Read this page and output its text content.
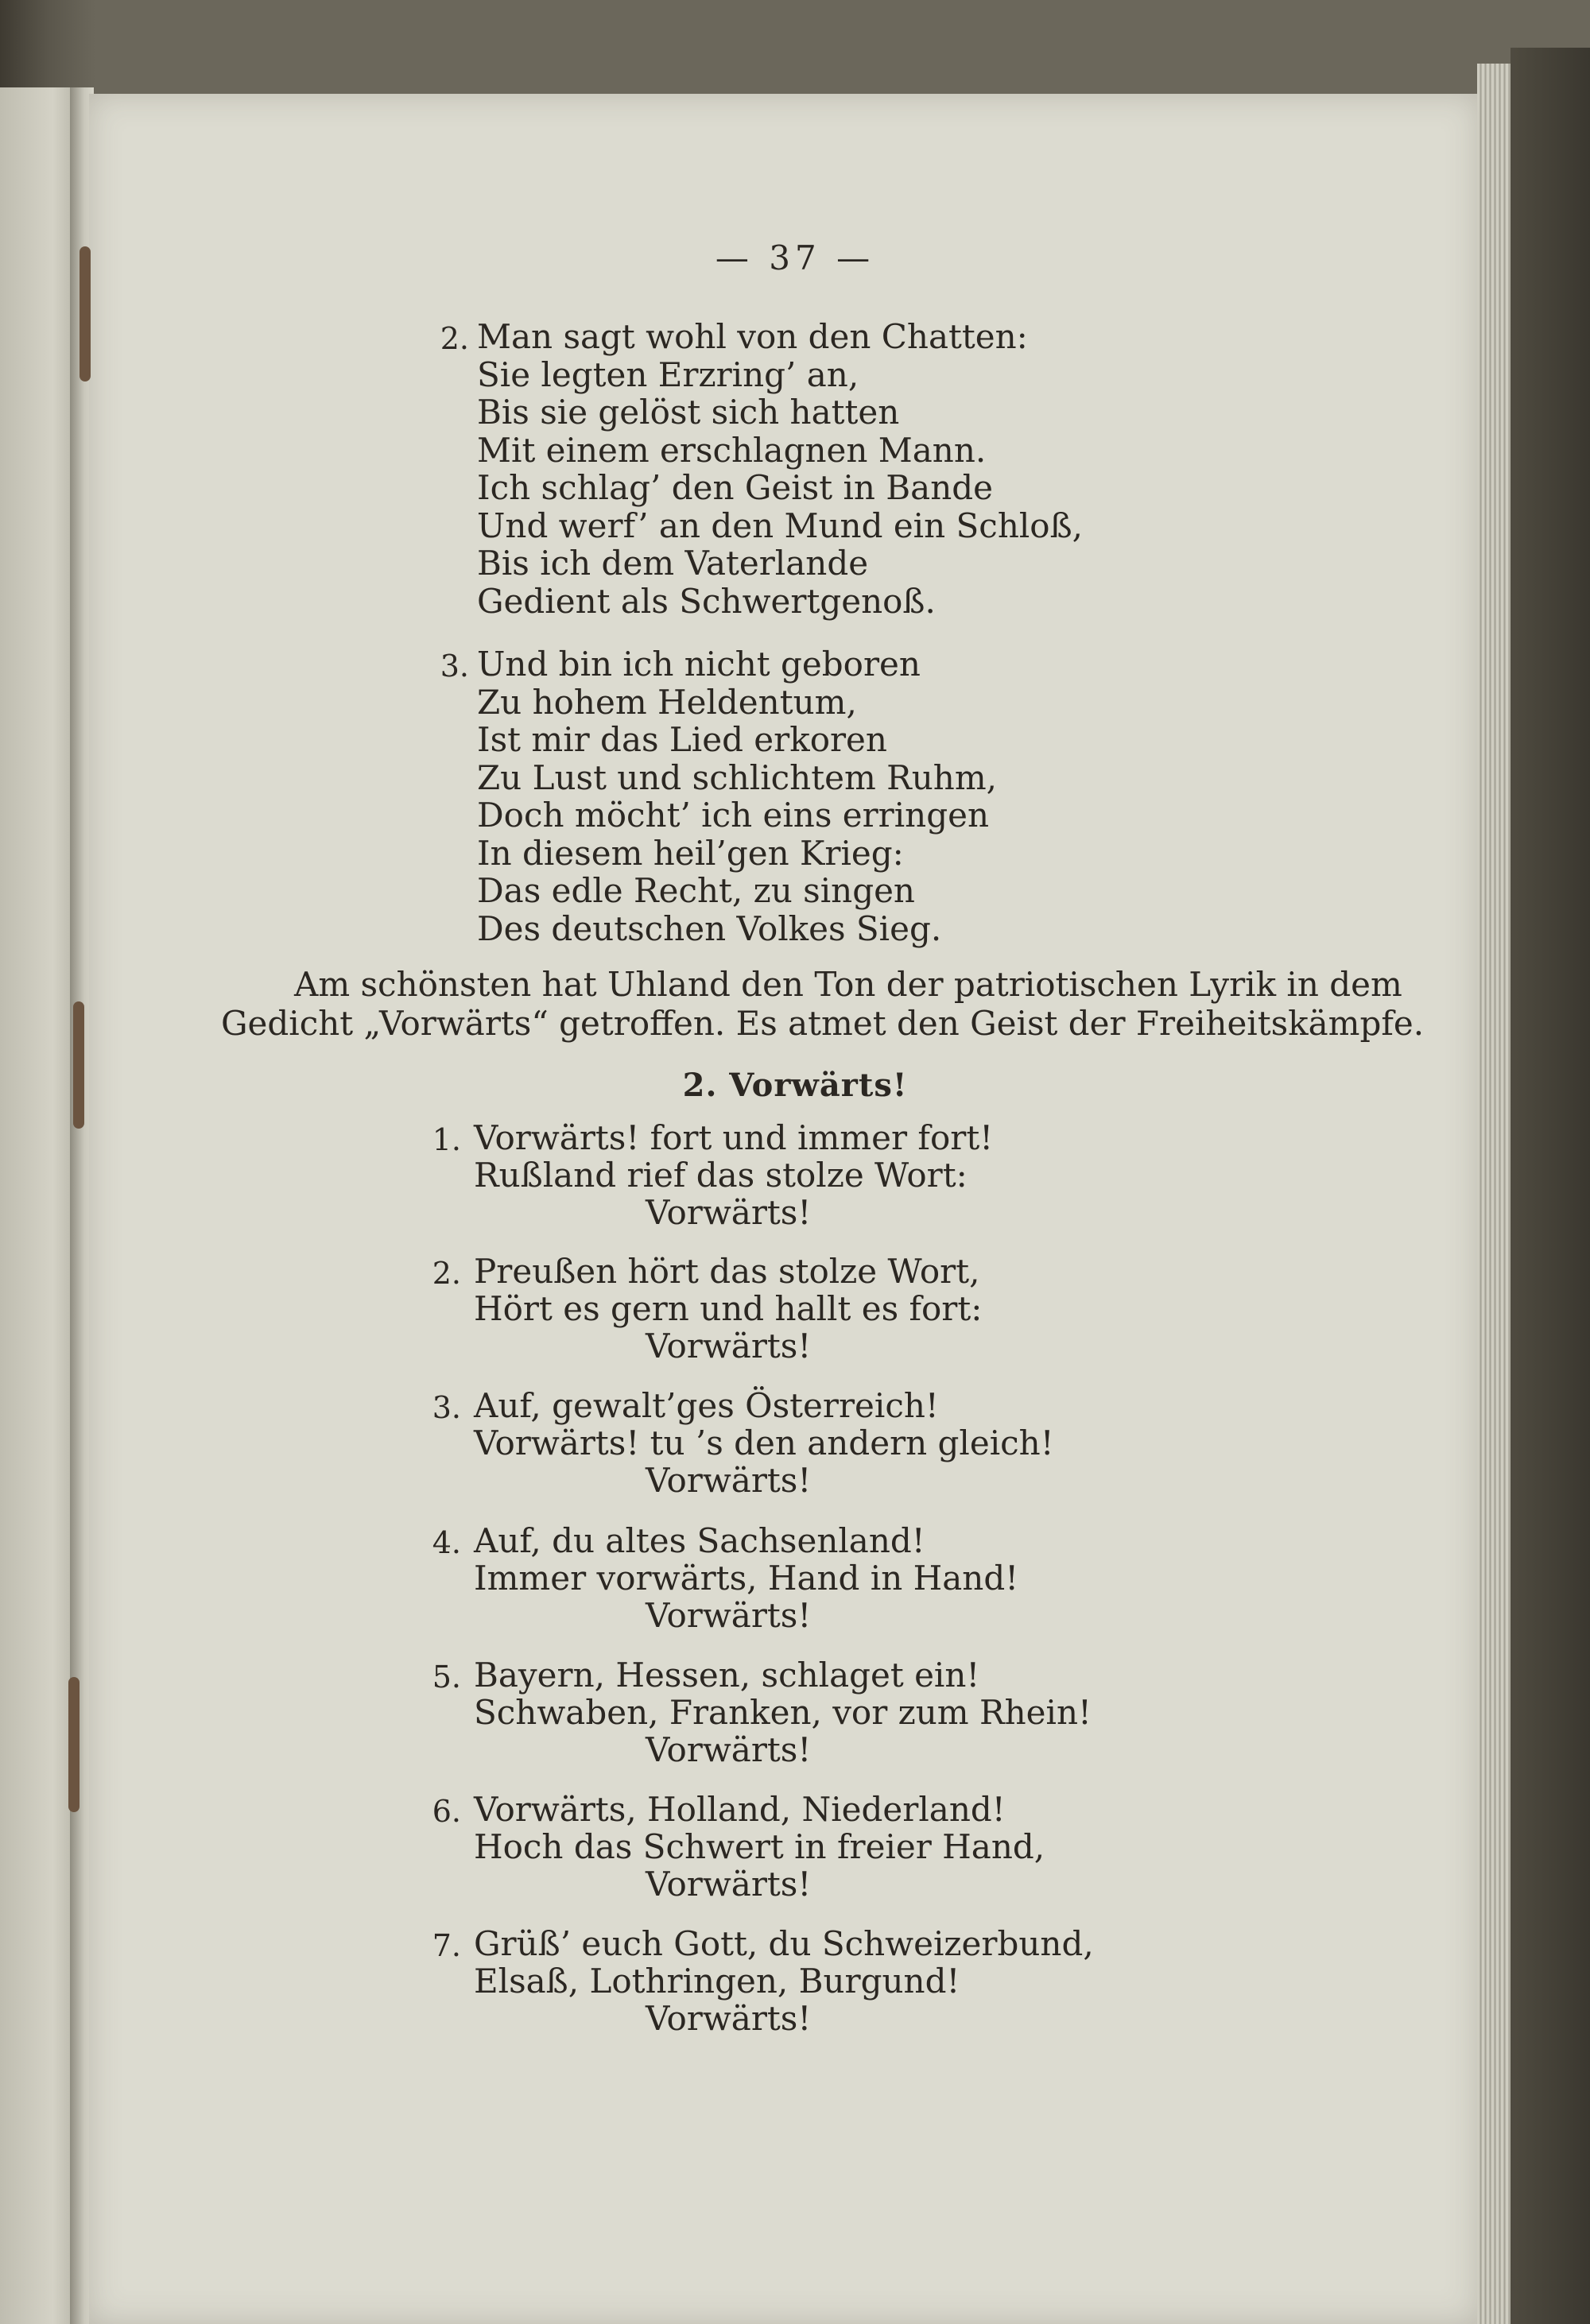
— 37 —
2. Man sagt wohl von den Chatten:
Sie legten Erzring’ an,
Bis sie gelöst sich hatten
Mit einem erschlagnen Mann.
Ich schlag’ den Geist in Bande
Und werf’ an den Mund ein Schloß,
Bis ich dem Vaterlande
Gedient als Schwertgenoß.
3. Und bin ich nicht geboren
Zu hohem Heldentum,
Ist mir das Lied erkoren
Zu Lust und schlichtem Ruhm,
Doch möcht’ ich eins erringen
In diesem heil’gen Krieg:
Das edle Recht, zu singen
Des deutschen Volkes Sieg.
Am schönsten hat Uhland den Ton der patriotischen Lyrik in dem
Gedicht „Vorwärts“ getroffen. Es atmet den Geist der Freiheitskämpfe.
2. Vorwärts!
1. Vorwärts! fort und immer fort!
Rußland rief das stolze Wort:
Vorwärts!
2. Preußen hört das stolze Wort,
Hört es gern und hallt es fort:
Vorwärts!
3. Auf, gewalt’ges Österreich!
Vorwärts! tu ’s den andern gleich!
Vorwärts!
4. Auf, du altes Sachsenland!
Immer vorwärts, Hand in Hand!
Vorwärts!
5. Bayern, Hessen, schlaget ein!
Schwaben, Franken, vor zum Rhein!
Vorwärts!
6. Vorwärts, Holland, Niederland!
Hoch das Schwert in freier Hand,
Vorwärts!
7. Grüß’ euch Gott, du Schweizerbund,
Elsaß, Lothringen, Burgund!
Vorwärts!
